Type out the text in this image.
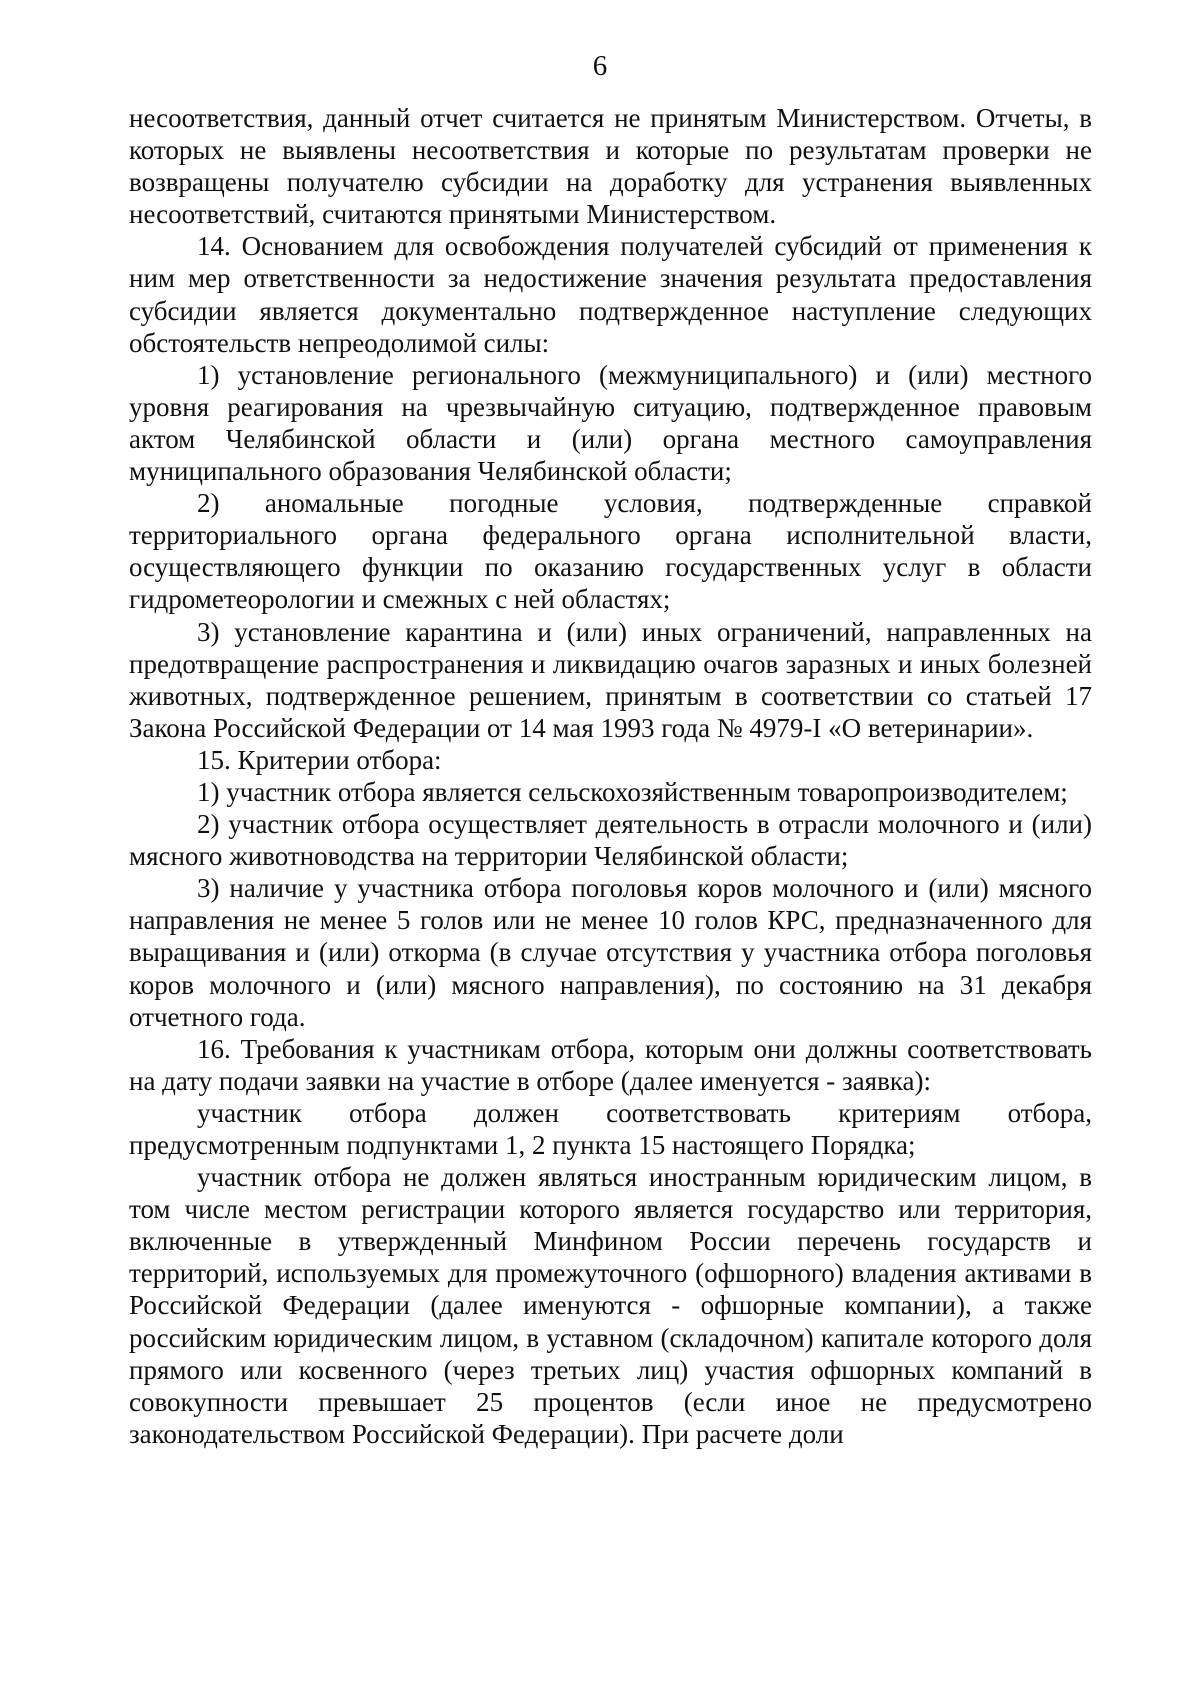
6

несоответствия, данный отчет считается не принятым Министерством. Отчеты, в которых не выявлены несоответствия и которые по результатам проверки не возвращены получателю субсидии на доработку для устранения выявленных несоответствий, считаются принятыми Министерством.

14. Основанием для освобождения получателей субсидий от применения к ним мер ответственности за недостижение значения результата предоставления субсидии является документально подтвержденное наступление следующих обстоятельств непреодолимой силы:

1) установление регионального (межмуниципального) и (или) местного уровня реагирования на чрезвычайную ситуацию, подтвержденное правовым актом Челябинской области и (или) органа местного самоуправления муниципального образования Челябинской области;

2) аномальные погодные условия, подтвержденные справкой территориального органа федерального органа исполнительной власти, осуществляющего функции по оказанию государственных услуг в области гидрометеорологии и смежных с ней областях;

3) установление карантина и (или) иных ограничений, направленных на предотвращение распространения и ликвидацию очагов заразных и иных болезней животных, подтвержденное решением, принятым в соответствии со статьей 17 Закона Российской Федерации от 14 мая 1993 года № 4979-I «О ветеринарии».

15. Критерии отбора:

1) участник отбора является сельскохозяйственным товаропроизводителем;

2) участник отбора осуществляет деятельность в отрасли молочного и (или) мясного животноводства на территории Челябинской области;

3) наличие у участника отбора поголовья коров молочного и (или) мясного направления не менее 5 голов или не менее 10 голов КРС, предназначенного для выращивания и (или) откорма (в случае отсутствия у участника отбора поголовья коров молочного и (или) мясного направления), по состоянию на 31 декабря отчетного года.

16. Требования к участникам отбора, которым они должны соответствовать на дату подачи заявки на участие в отборе (далее именуется - заявка):

участник отбора должен соответствовать критериям отбора, предусмотренным подпунктами 1, 2 пункта 15 настоящего Порядка;

участник отбора не должен являться иностранным юридическим лицом, в том числе местом регистрации которого является государство или территория, включенные в утвержденный Минфином России перечень государств и территорий, используемых для промежуточного (офшорного) владения активами в Российской Федерации (далее именуются - офшорные компании), а также российским юридическим лицом, в уставном (складочном) капитале которого доля прямого или косвенного (через третьих лиц) участия офшорных компаний в совокупности превышает 25 процентов (если иное не предусмотрено законодательством Российской Федерации). При расчете доли
